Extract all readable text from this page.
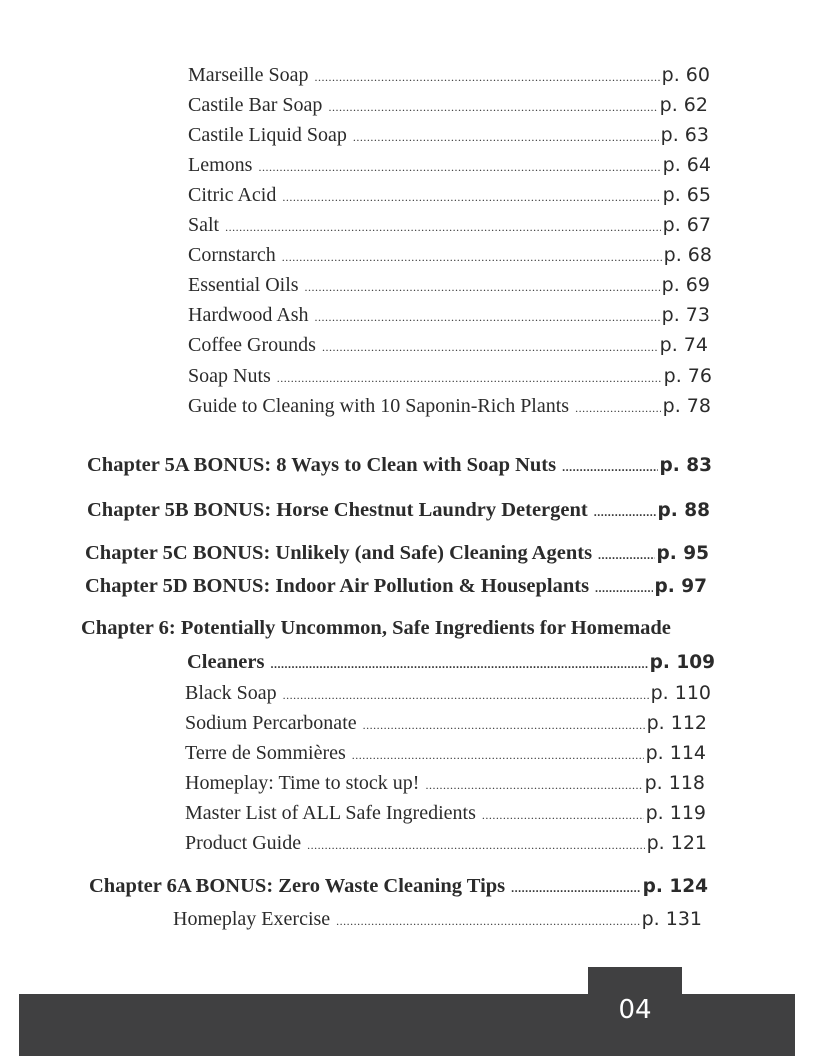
Marseille Soap .....	p. 60
Castile Bar Soap .....	p. 62
Castile Liquid Soap .....	p. 63
Lemons .....	p. 64
Citric Acid .....	p. 65
Salt .....	p. 67
Cornstarch .....	p. 68
Essential Oils .....	p. 69
Hardwood Ash .....	p. 73
Coffee Grounds .....	p. 74
Soap Nuts .....	p. 76
Guide to Cleaning with 10 Saponin-Rich Plants .....	p. 78
Chapter 5A BONUS: 8 Ways to Clean with Soap Nuts .....	p. 83
Chapter 5B BONUS: Horse Chestnut Laundry Detergent .....	p. 88
Chapter 5C BONUS: Unlikely (and Safe) Cleaning Agents .....	p. 95
Chapter 5D BONUS: Indoor Air Pollution & Houseplants .....	p. 97
Chapter 6: Potentially Uncommon, Safe Ingredients for Homemade
Cleaners .....	p. 109
Black Soap .....	p. 110
Sodium Percarbonate .....	p. 112
Terre de Sommières .....	p. 114
Homeplay: Time to stock up! .....	p. 118
Master List of ALL Safe Ingredients .....	p. 119
Product Guide .....	p. 121
Chapter 6A BONUS: Zero Waste Cleaning Tips .....	p. 124
Homeplay Exercise .....	p. 131
04
